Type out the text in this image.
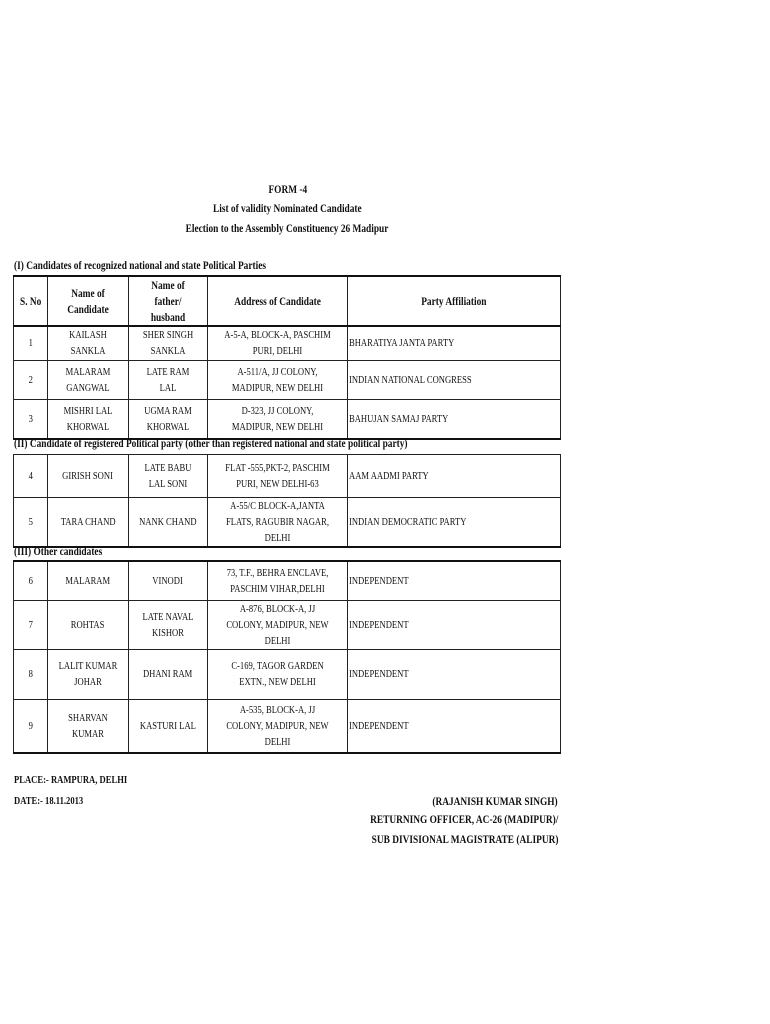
FORM -4
List of validity Nominated Candidate
Election to the Assembly Constituency 26 Madipur
(I) Candidates of recognized national and state Political Parties
S. No	Name of Candidate	Name of father/ husband	Address of Candidate	Party Affiliation
1	KAILASH SANKLA	SHER SINGH SANKLA	A-5-A, BLOCK-A, PASCHIM PURI, DELHI	BHARATIYA JANTA PARTY
2	MALARAM GANGWAL	LATE RAM LAL	A-511/A, JJ COLONY, MADIPUR, NEW DELHI	INDIAN NATIONAL CONGRESS
3	MISHRI LAL KHORWAL	UGMA RAM KHORWAL	D-323, JJ COLONY, MADIPUR, NEW DELHI	BAHUJAN SAMAJ PARTY
(II) Candidate of registered Political party (other than registered national and state political party)
4	GIRISH SONI	LATE BABU LAL SONI	FLAT -555,PKT-2, PASCHIM PURI, NEW DELHI-63	AAM AADMI PARTY
5	TARA CHAND	NANK CHAND	A-55/C BLOCK-A,JANTA FLATS, RAGUBIR NAGAR, DELHI	INDIAN DEMOCRATIC PARTY
(III) Other candidates
6	MALARAM	VINODI	73, T.F., BEHRA ENCLAVE, PASCHIM VIHAR,DELHI	INDEPENDENT
7	ROHTAS	LATE NAVAL KISHOR	A-876, BLOCK-A, JJ COLONY, MADIPUR, NEW DELHI	INDEPENDENT
8	LALIT KUMAR JOHAR	DHANI RAM	C-169, TAGOR GARDEN EXTN., NEW DELHI	INDEPENDENT
9	SHARVAN KUMAR	KASTURI LAL	A-535, BLOCK-A, JJ COLONY, MADIPUR, NEW DELHI	INDEPENDENT
PLACE:- RAMPURA, DELHI
DATE:- 18.11.2013	(RAJANISH KUMAR SINGH)
RETURNING OFFICER, AC-26 (MADIPUR)/
SUB DIVISIONAL MAGISTRATE (ALIPUR)
